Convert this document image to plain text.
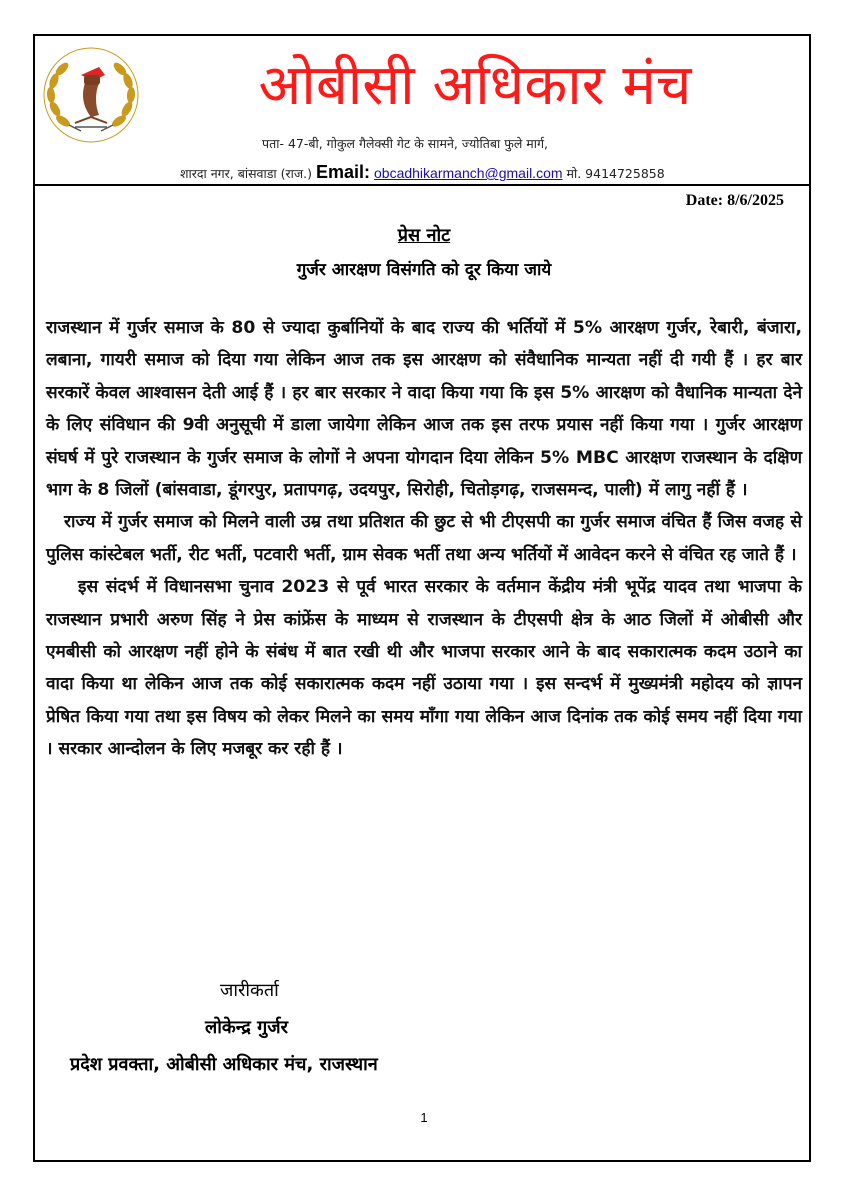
ओबीसी अधिकार मंच
पता- 47-बी, गोकुल गैलेक्सी गेट के सामने, ज्योतिबा फुले मार्ग,
शारदा नगर, बांसवाडा (राज.) Email: obcadhikarmanch@gmail.com मो. 9414725858
Date: 8/6/2025
प्रेस नोट
गुर्जर आरक्षण विसंगति को दूर किया जाये

राजस्थान में गुर्जर समाज के 80 से ज्यादा कुर्बानियों के बाद राज्य की भर्तियों में 5% आरक्षण गुर्जर, रेबारी, बंजारा, लबाना, गायरी समाज को दिया गया लेकिन आज तक इस आरक्षण को संवैधानिक मान्यता नहीं दी गयी हैं । हर बार सरकारें केवल आश्वासन देती आई हैं । हर बार सरकार ने वादा किया गया कि इस 5% आरक्षण को वैधानिक मान्यता देने के लिए संविधान की 9वी अनुसूची में डाला जायेगा लेकिन आज तक इस तरफ प्रयास नहीं किया गया । गुर्जर आरक्षण संघर्ष में पुरे राजस्थान के गुर्जर समाज के लोगों ने अपना योगदान दिया लेकिन 5% MBC आरक्षण राजस्थान के दक्षिण भाग के 8 जिलों (बांसवाडा, डूंगरपुर, प्रतापगढ़, उदयपुर, सिरोही, चितोड़गढ़, राजसमन्द, पाली) में लागु नहीं हैं ।

राज्य में गुर्जर समाज को मिलने वाली उम्र तथा प्रतिशत की छुट से भी टीएसपी का गुर्जर समाज वंचित हैं जिस वजह से पुलिस कांस्टेबल भर्ती, रीट भर्ती, पटवारी भर्ती, ग्राम सेवक भर्ती तथा अन्य भर्तियों में आवेदन करने से वंचित रह जाते हैं ।

इस संदर्भ में विधानसभा चुनाव 2023 से पूर्व भारत सरकार के वर्तमान केंद्रीय मंत्री भूपेंद्र यादव तथा भाजपा के राजस्थान प्रभारी अरुण सिंह ने प्रेस कांफ्रेंस के माध्यम से राजस्थान के टीएसपी क्षेत्र के आठ जिलों में ओबीसी और एमबीसी को आरक्षण नहीं होने के संबंध में बात रखी थी और भाजपा सरकार आने के बाद सकारात्मक कदम उठाने का वादा किया था लेकिन आज तक कोई सकारात्मक कदम नहीं उठाया गया । इस सन्दर्भ में मुख्यमंत्री महोदय को ज्ञापन प्रेषित किया गया तथा इस विषय को लेकर मिलने का समय माँगा गया लेकिन आज दिनांक तक कोई समय नहीं दिया गया । सरकार आन्दोलन के लिए मजबूर कर रही हैं ।

जारीकर्ता
लोकेन्द्र गुर्जर
प्रदेश प्रवक्ता, ओबीसी अधिकार मंच, राजस्थान
1
